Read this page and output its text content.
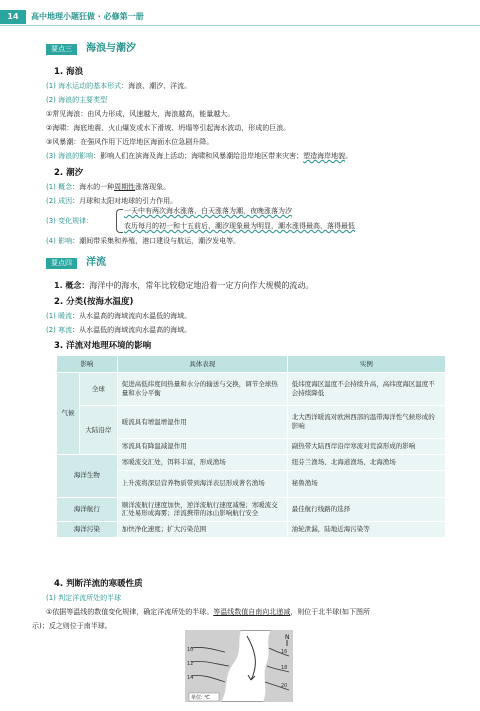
14	高中地理小题狂做 · 必修第一册
要点三	海浪与潮汐
1. 海浪
(1) 海水运动的基本形式：海浪、潮汐、洋流。
(2) 海浪的主要类型
①常见海浪：由风力形成，风速越大，海浪越高，能量越大。
②海啸：海底地震、火山爆发或水下滑坡、坍塌等引起海水波动，形成的巨浪。
③风暴潮：在强风作用下近岸地区海面水位急剧升降。
(3) 海浪的影响：影响人们在滨海及海上活动；海啸和风暴潮给沿岸地区带来灾害；塑造海岸地貌。
2. 潮汐
(1) 概念：海水的一种周期性涨落现象。
(2) 成因：月球和太阳对地球的引力作用。
(3) 变化规律：
一天中有两次海水涨落，白天涨落为潮，夜晚涨落为汐
农历每月的初一和十五前后，潮汐现象最为明显，潮水涨得最高，落得最低
(4) 影响：潮间带采集和养殖，港口建设与航运，潮汐发电等。
要点四	洋流
1. 概念：海洋中的海水，常年比较稳定地沿着一定方向作大规模的流动。
2. 分类(按海水温度)
(1) 暖流：从水温高的海域流向水温低的海域。
(2) 寒流：从水温低的海域流向水温高的海域。
3. 洋流对地理环境的影响
影响		具体表现	实例
气候	全球	促进高低纬度间热量和水分的输送与交换，调节全球热量和水分平衡	低纬度海区温度不会持续升高，高纬度海区温度不会持续降低
	大陆沿岸	暖流具有增温增湿作用	北大西洋暖流对欧洲西部的温带海洋性气候形成的影响
		寒流具有降温减湿作用	副热带大陆西岸沿岸寒流对荒漠形成的影响
海洋生物		寒暖流交汇处，饵料丰富，形成渔场	纽芬兰渔场、北海道渔场、北海渔场
		上升流将深层营养物质带到海洋表层形成著名渔场	秘鲁渔场
海洋航行		顺洋流航行速度加快，逆洋流航行速度减慢；寒暖流交汇处易形成海雾；洋流携带的冰山影响航行安全	最佳航行线路的选择
海洋污染		加快净化速度；扩大污染范围	油轮泄漏，陆地近海污染等
4. 判断洋流的寒暖性质
(1) 判定洋流所处的半球
①依据等温线的数值变化规律，确定洋流所处的半球。等温线数值自南向北递减，则位于北半球(如下图所
示)；反之则位于南半球。
10
12
14
16
18
20
N
单位: ℃
